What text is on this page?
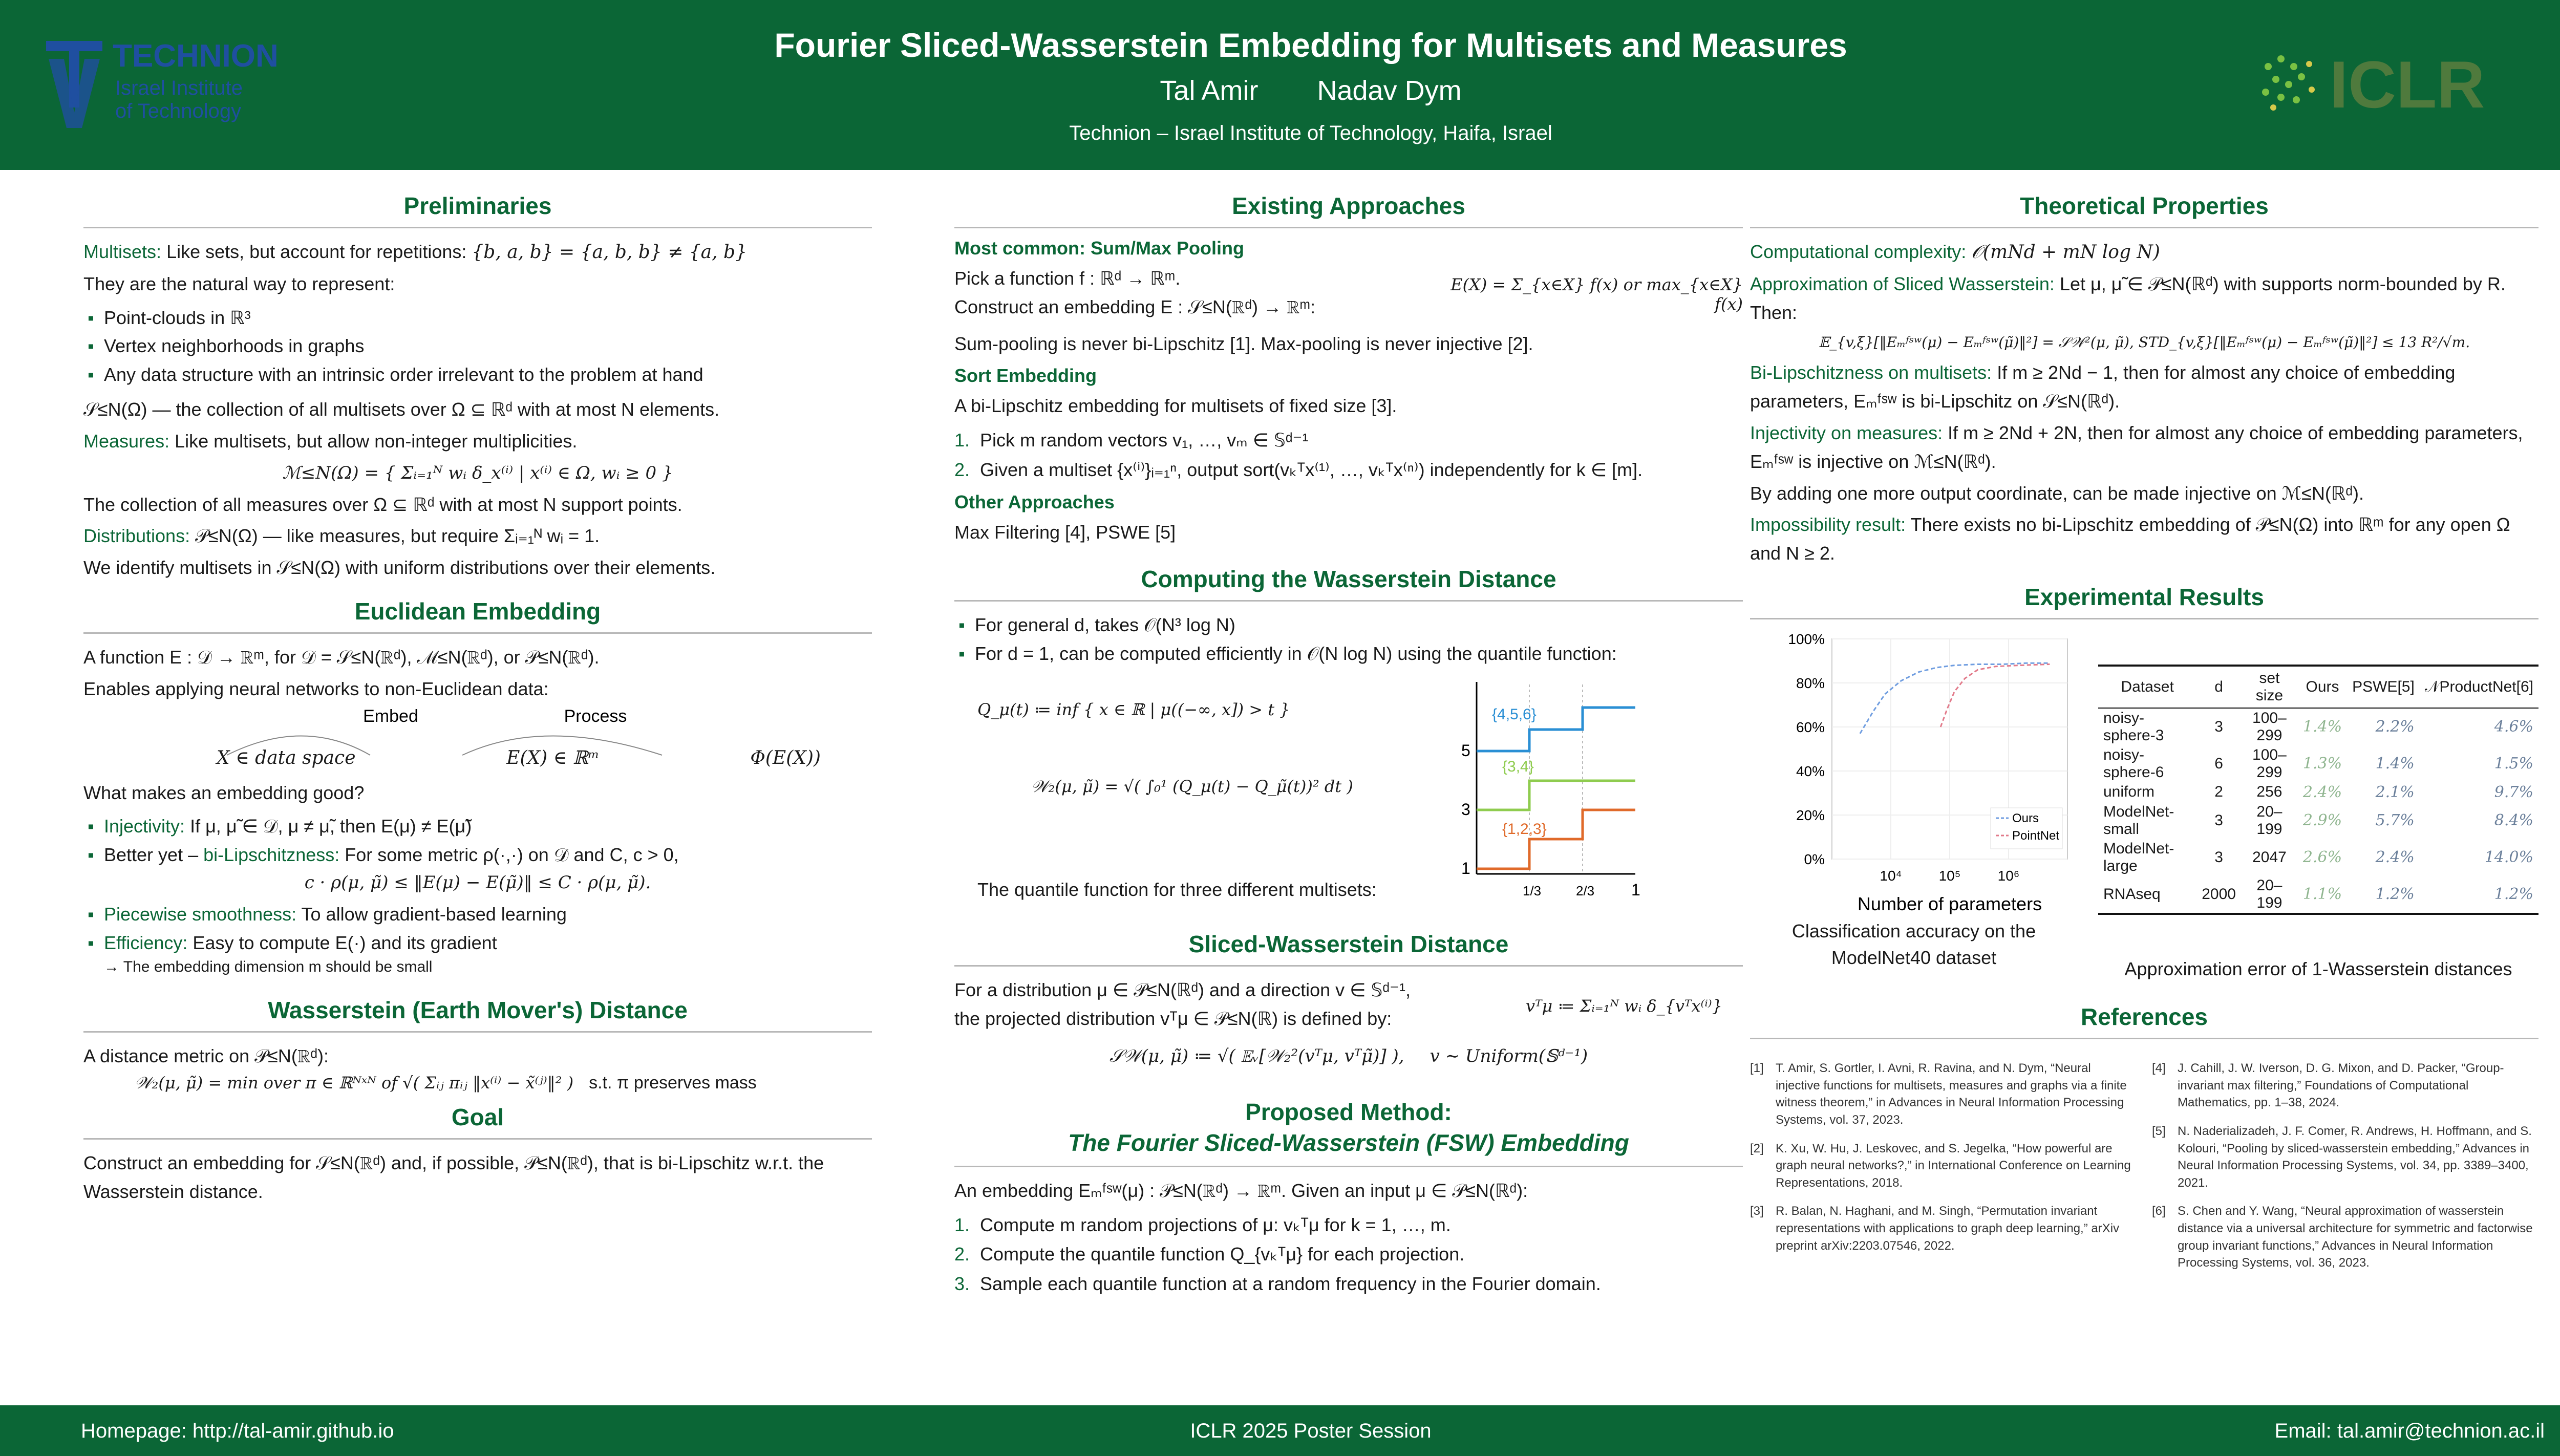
TECHNION
Israel Institute
of Technology
Fourier Sliced-Wasserstein Embedding for Multisets and Measures
Tal Amir Nadav Dym
Technion – Israel Institute of Technology, Haifa, Israel
ICLR
Preliminaries
Multisets: Like sets, but account for repetitions: {b, a, b} = {a, b, b} ≠ {a, b}
They are the natural way to represent:
▪ Point-clouds in ℝ³
▪ Vertex neighborhoods in graphs
▪ Any data structure with an intrinsic order irrelevant to the problem at hand
𝒮≤N(Ω) — the collection of all multisets over Ω ⊆ ℝᵈ with at most N elements.
Measures: Like multisets, but allow non-integer multiplicities.
ℳ≤N(Ω) = { Σᵢ₌₁ᴺ wᵢ δ_x⁽ⁱ⁾ | x⁽ⁱ⁾ ∈ Ω, wᵢ ≥ 0 }
The collection of all measures over Ω ⊆ ℝᵈ with at most N support points.
Distributions: 𝒫≤N(Ω) — like measures, but require Σᵢ₌₁ᴺ wᵢ = 1.
We identify multisets in 𝒮≤N(Ω) with uniform distributions over their elements.
Euclidean Embedding
A function E : 𝒟 → ℝᵐ, for 𝒟 = 𝒮≤N(ℝᵈ), ℳ≤N(ℝᵈ), or 𝒫≤N(ℝᵈ).
Enables applying neural networks to non-Euclidean data:
Embed	Process
X ∈ data space	E(X) ∈ ℝᵐ	Φ(E(X))
What makes an embedding good?
▪ Injectivity: If μ, μ̃ ∈ 𝒟, μ ≠ μ̃, then E(μ) ≠ E(μ̃)
▪ Better yet – bi-Lipschitzness: For some metric ρ(·,·) on 𝒟 and C, c > 0,
c · ρ(μ, μ̃) ≤ ‖E(μ) − E(μ̃)‖ ≤ C · ρ(μ, μ̃).
▪ Piecewise smoothness: To allow gradient-based learning
▪ Efficiency: Easy to compute E(·) and its gradient
→ The embedding dimension m should be small
Wasserstein (Earth Mover's) Distance
A distance metric on 𝒫≤N(ℝᵈ):
𝒲₂(μ, μ̃) = min over π ∈ ℝᴺˣᴺ of √( Σᵢⱼ πᵢⱼ ‖x⁽ⁱ⁾ − x̃⁽ʲ⁾‖² ) s.t. π preserves mass
Goal
Construct an embedding for 𝒮≤N(ℝᵈ) and, if possible, 𝒫≤N(ℝᵈ), that is bi-Lipschitz w.r.t. the Wasserstein distance.
Existing Approaches
Most common: Sum/Max Pooling
Pick a function f : ℝᵈ → ℝᵐ.
Construct an embedding E : 𝒮≤N(ℝᵈ) → ℝᵐ:
E(X) = Σ_{x∈X} f(x) or max_{x∈X} f(x)
Sum-pooling is never bi-Lipschitz [1]. Max-pooling is never injective [2].
Sort Embedding
A bi-Lipschitz embedding for multisets of fixed size [3].
1. Pick m random vectors v₁, …, vₘ ∈ 𝕊ᵈ⁻¹
2. Given a multiset {x⁽ⁱ⁾}ᵢ₌₁ⁿ, output sort(vₖᵀx⁽¹⁾, …, vₖᵀx⁽ⁿ⁾) independently for k ∈ [m].
Other Approaches
Max Filtering [4], PSWE [5]
Computing the Wasserstein Distance
▪ For general d, takes 𝒪(N³ log N)
▪ For d = 1, can be computed efficiently in 𝒪(N log N) using the quantile function:
Q_μ(t) ≔ inf { x ∈ ℝ | μ((−∞, x]) > t }
𝒲₂(μ, μ̃) = √( ∫₀¹ (Q_μ(t) − Q_μ̃(t))² dt )
The quantile function for three different multisets:
{4,5,6}
{3,4}
{1,2,3}
5
3
1
1/3	2/3 1
Sliced-Wasserstein Distance
For a distribution μ ∈ 𝒫≤N(ℝᵈ) and a direction v ∈ 𝕊ᵈ⁻¹,
the projected distribution vᵀμ ∈ 𝒫≤N(ℝ) is defined by:
vᵀμ ≔ Σᵢ₌₁ᴺ wᵢ δ_{vᵀx⁽ⁱ⁾}
𝒮𝒲(μ, μ̃) ≔ √( 𝔼ᵥ[𝒲₂²(vᵀμ, vᵀμ̃)] ), v ∼ Uniform(𝕊ᵈ⁻¹)
Proposed Method:
The Fourier Sliced-Wasserstein (FSW) Embedding
An embedding Eₘᶠˢʷ(μ) : 𝒫≤N(ℝᵈ) → ℝᵐ. Given an input μ ∈ 𝒫≤N(ℝᵈ):
1. Compute m random projections of μ: vₖᵀμ for k = 1, …, m.
2. Compute the quantile function Q_{vₖᵀμ} for each projection.
3. Sample each quantile function at a random frequency in the Fourier domain.
Theoretical Properties
Computational complexity: 𝒪(mNd + mN log N)
Approximation of Sliced Wasserstein: Let μ, μ̃ ∈ 𝒫≤N(ℝᵈ) with supports norm-bounded by R. Then:
𝔼_{v,ξ}[‖Eₘᶠˢʷ(μ) − Eₘᶠˢʷ(μ̃)‖²] = 𝒮𝒲²(μ, μ̃), STD_{v,ξ}[‖Eₘᶠˢʷ(μ) − Eₘᶠˢʷ(μ̃)‖²] ≤ 13 R²/√m.
Bi-Lipschitzness on multisets: If m ≥ 2Nd − 1, then for almost any choice of embedding parameters, Eₘᶠˢʷ is bi-Lipschitz on 𝒮≤N(ℝᵈ).
Injectivity on measures: If m ≥ 2Nd + 2N, then for almost any choice of embedding parameters, Eₘᶠˢʷ is injective on ℳ≤N(ℝᵈ).
By adding one more output coordinate, can be made injective on ℳ≤N(ℝᵈ).
Impossibility result: There exists no bi-Lipschitz embedding of 𝒫≤N(Ω) into ℝᵐ for any open Ω and N ≥ 2.
Experimental Results
0%
20%
40%
60%
80%
100%
10⁴	10⁵	10⁶
Ours
PointNet
Number of parameters
Classification accuracy on the ModelNet40 dataset
Dataset	d	set size	Ours	PSWE[5]	𝒩ProductNet[6]
noisy-sphere-3	3	100–299	1.4%	2.2%	4.6%
noisy-sphere-6	6	100–299	1.3%	1.4%	1.5%
uniform	2	256	2.4%	2.1%	9.7%
ModelNet-small	3	20–199	2.9%	5.7%	8.4%
ModelNet-large	3	2047	2.6%	2.4%	14.0%
RNAseq	2000	20–199	1.1%	1.2%	1.2%
Approximation error of 1-Wasserstein distances
References
[1] T. Amir, S. Gortler, I. Avni, R. Ravina, and N. Dym, “Neural injective functions for multisets, measures and graphs via a finite witness theorem,” in Advances in Neural Information Processing Systems, vol. 37, 2023.
[2] K. Xu, W. Hu, J. Leskovec, and S. Jegelka, “How powerful are graph neural networks?,” in International Conference on Learning Representations, 2018.
[3] R. Balan, N. Haghani, and M. Singh, “Permutation invariant representations with applications to graph deep learning,” arXiv preprint arXiv:2203.07546, 2022.
[4] J. Cahill, J. W. Iverson, D. G. Mixon, and D. Packer, “Group-invariant max filtering,” Foundations of Computational Mathematics, pp. 1–38, 2024.
[5] N. Naderializadeh, J. F. Comer, R. Andrews, H. Hoffmann, and S. Kolouri, “Pooling by sliced-wasserstein embedding,” Advances in Neural Information Processing Systems, vol. 34, pp. 3389–3400, 2021.
[6] S. Chen and Y. Wang, “Neural approximation of wasserstein distance via a universal architecture for symmetric and factorwise group invariant functions,” Advances in Neural Information Processing Systems, vol. 36, 2023.
Homepage: http://tal-amir.github.io	ICLR 2025 Poster Session	Email: tal.amir@technion.ac.il
